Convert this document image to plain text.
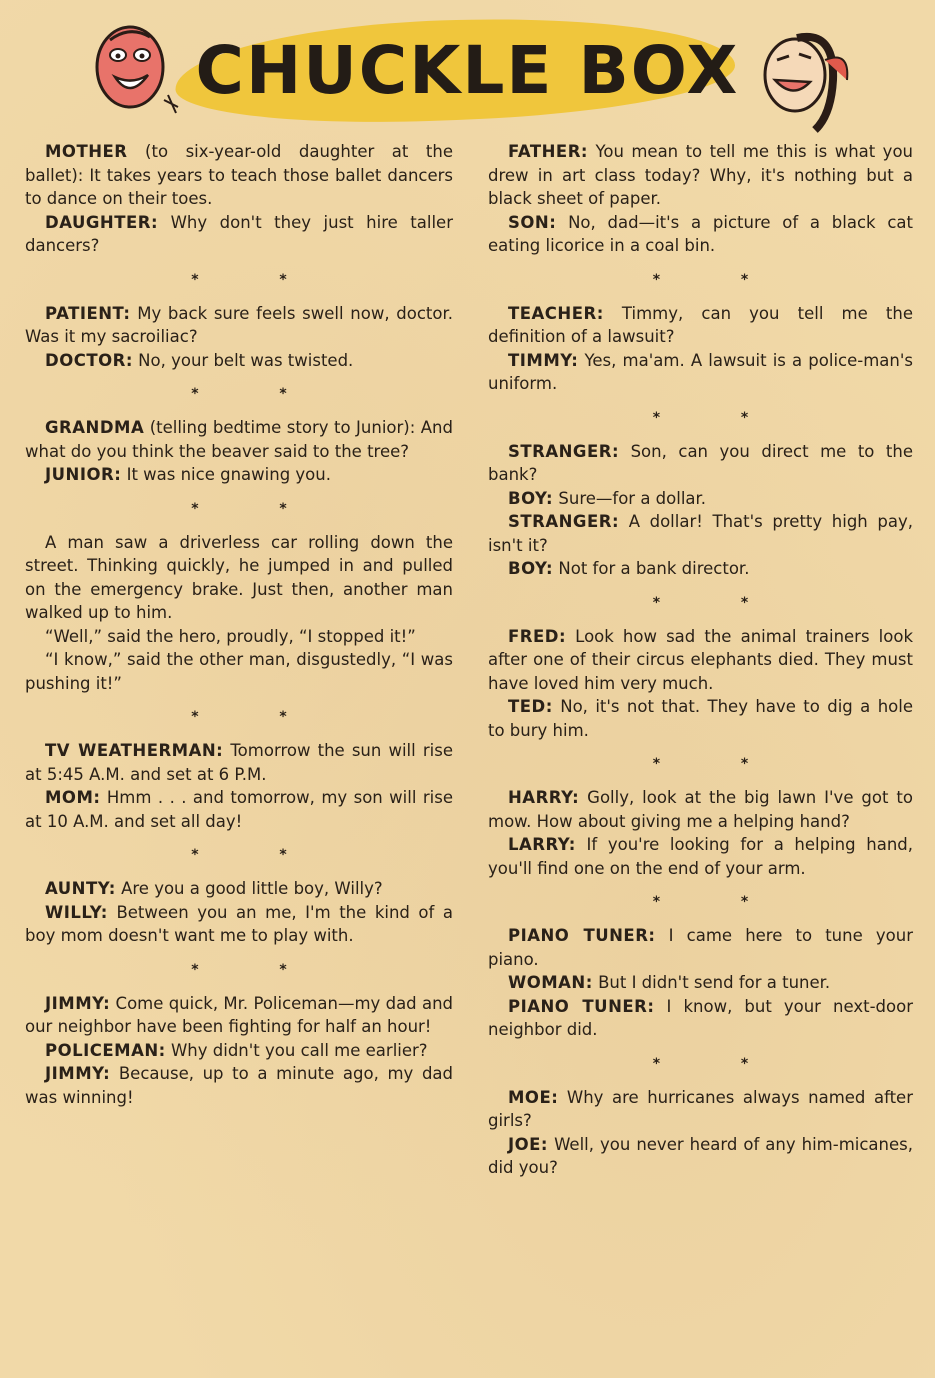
CHUCKLE BOX

MOTHER (to six-year-old daughter at the ballet): It takes years to teach those ballet dancers to dance on their toes.

DAUGHTER: Why don't they just hire taller dancers?

* *

PATIENT: My back sure feels swell now, doctor. Was it my sacroiliac?

DOCTOR: No, your belt was twisted.

* *

GRANDMA (telling bedtime story to Junior): And what do you think the beaver said to the tree?

JUNIOR: It was nice gnawing you.

* *

A man saw a driverless car rolling down the street. Thinking quickly, he jumped in and pulled on the emergency brake. Just then, another man walked up to him.

“Well,” said the hero, proudly, “I stopped it!”

“I know,” said the other man, disgustedly, “I was pushing it!”

* *

TV WEATHERMAN: Tomorrow the sun will rise at 5:45 A.M. and set at 6 P.M.

MOM: Hmm . . . and tomorrow, my son will rise at 10 A.M. and set all day!

* *

AUNTY: Are you a good little boy, Willy?

WILLY: Between you an me, I'm the kind of a boy mom doesn't want me to play with.

* *

JIMMY: Come quick, Mr. Policeman—my dad and our neighbor have been fighting for half an hour!

POLICEMAN: Why didn't you call me earlier?

JIMMY: Because, up to a minute ago, my dad was winning!

FATHER: You mean to tell me this is what you drew in art class today? Why, it's nothing but a black sheet of paper.

SON: No, dad—it's a picture of a black cat eating licorice in a coal bin.

* *

TEACHER: Timmy, can you tell me the definition of a lawsuit?

TIMMY: Yes, ma'am. A lawsuit is a police-man's uniform.

* *

STRANGER: Son, can you direct me to the bank?

BOY: Sure—for a dollar.

STRANGER: A dollar! That's pretty high pay, isn't it?

BOY: Not for a bank director.

* *

FRED: Look how sad the animal trainers look after one of their circus elephants died. They must have loved him very much.

TED: No, it's not that. They have to dig a hole to bury him.

* *

HARRY: Golly, look at the big lawn I've got to mow. How about giving me a helping hand?

LARRY: If you're looking for a helping hand, you'll find one on the end of your arm.

* *

PIANO TUNER: I came here to tune your piano.

WOMAN: But I didn't send for a tuner.

PIANO TUNER: I know, but your next-door neighbor did.

* *

MOE: Why are hurricanes always named after girls?

JOE: Well, you never heard of any him-micanes, did you?
